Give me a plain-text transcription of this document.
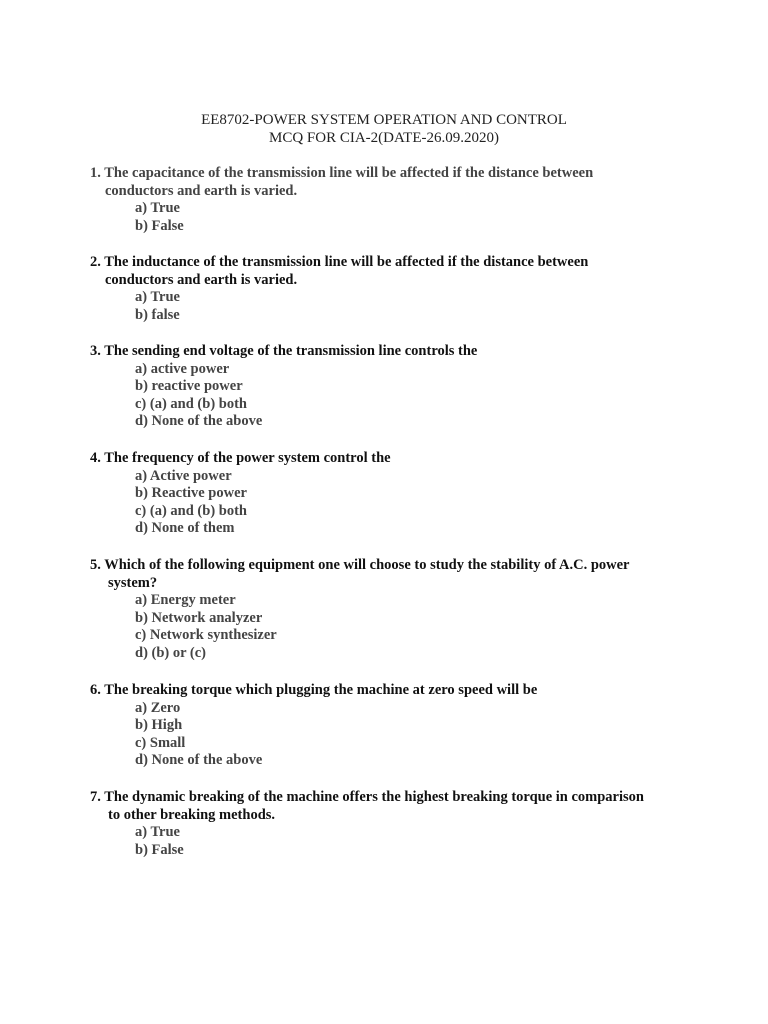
EE8702-POWER SYSTEM OPERATION AND CONTROL
MCQ FOR CIA-2(DATE-26.09.2020)
1. The capacitance of the transmission line will be affected if the distance between
conductors and earth is varied.
a) True
b) False
2. The inductance of the transmission line will be affected if the distance between
conductors and earth is varied.
a) True
b) false
3. The sending end voltage of the transmission line controls the
a) active power
b) reactive power
c) (a) and (b) both
d) None of the above
4. The frequency of the power system control the
a) Active power
b) Reactive power
c) (a) and (b) both
d) None of them
5. Which of the following equipment one will choose to study the stability of A.C. power
system?
a) Energy meter
b) Network analyzer
c) Network synthesizer
d) (b) or (c)
6. The breaking torque which plugging the machine at zero speed will be
a) Zero
b) High
c) Small
d) None of the above
7. The dynamic breaking of the machine offers the highest breaking torque in comparison
to other breaking methods.
a) True
b) False
